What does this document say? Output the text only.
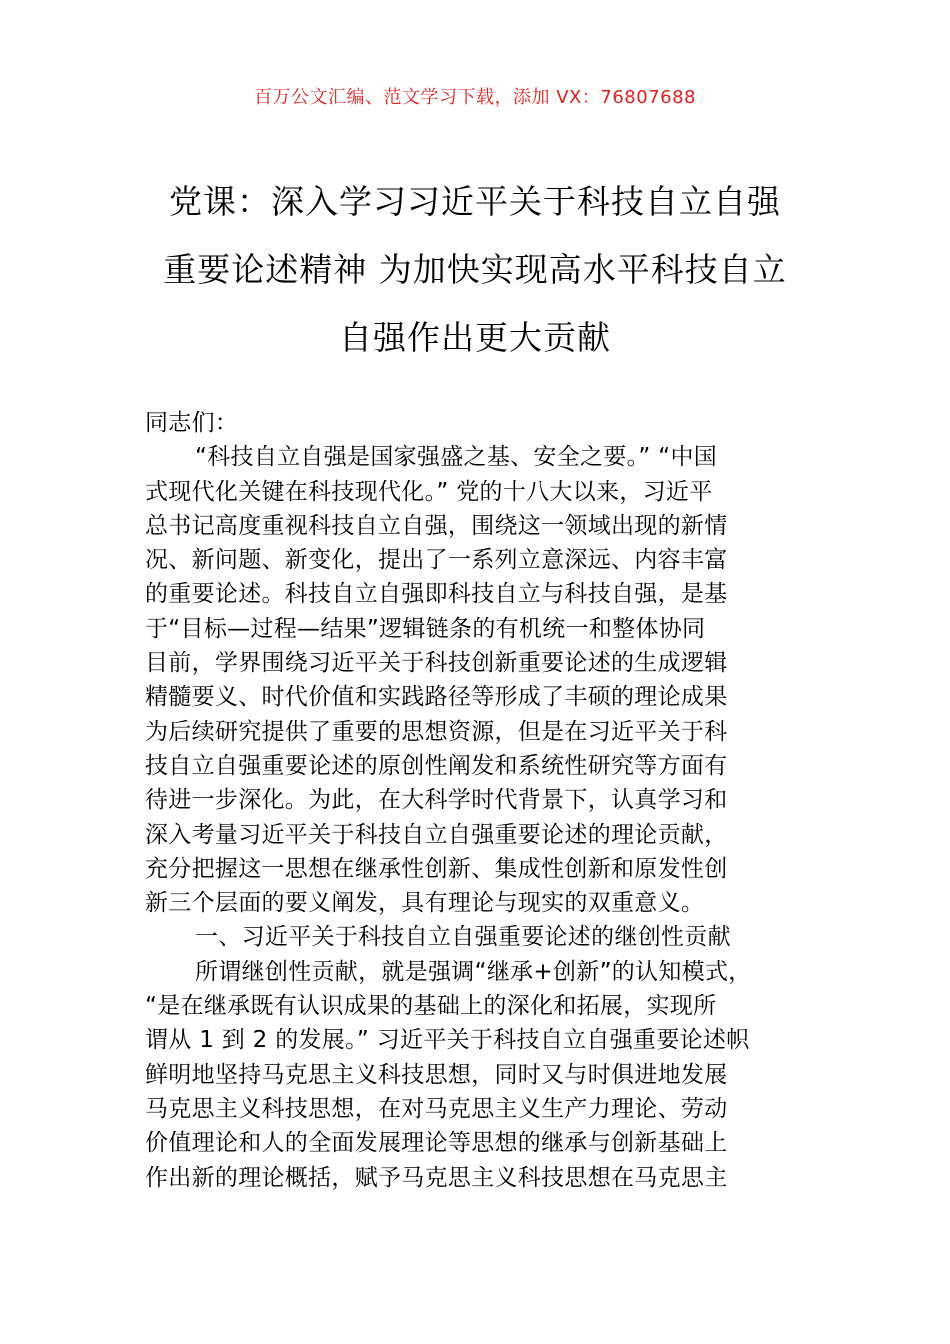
百万公文汇编、范文学习下载，添加 VX：76807688
党课：深入学习习近平关于科技自立自强
重要论述精神 为加快实现高水平科技自立
自强作出更大贡献
同志们：
“科技自立自强是国家强盛之基、安全之要。” “中国
式现代化关键在科技现代化。” 党的十八大以来，习近平
总书记高度重视科技自立自强，围绕这一领域出现的新情
况、新问题、新变化，提出了一系列立意深远、内容丰富
的重要论述。科技自立自强即科技自立与科技自强，是基
于“目标—过程—结果”逻辑链条的有机统一和整体协同
目前，学界围绕习近平关于科技创新重要论述的生成逻辑
精髓要义、时代价值和实践路径等形成了丰硕的理论成果
为后续研究提供了重要的思想资源，但是在习近平关于科
技自立自强重要论述的原创性阐发和系统性研究等方面有
待进一步深化。为此，在大科学时代背景下，认真学习和
深入考量习近平关于科技自立自强重要论述的理论贡献，
充分把握这一思想在继承性创新、集成性创新和原发性创
新三个层面的要义阐发，具有理论与现实的双重意义。
一、习近平关于科技自立自强重要论述的继创性贡献
所谓继创性贡献，就是强调“继承+创新”的认知模式，
“是在继承既有认识成果的基础上的深化和拓展，实现所
谓从 1 到 2 的发展。” 习近平关于科技自立自强重要论述帜
鲜明地坚持马克思主义科技思想，同时又与时俱进地发展
马克思主义科技思想，在对马克思主义生产力理论、劳动
价值理论和人的全面发展理论等思想的继承与创新基础上
作出新的理论概括，赋予马克思主义科技思想在马克思主
